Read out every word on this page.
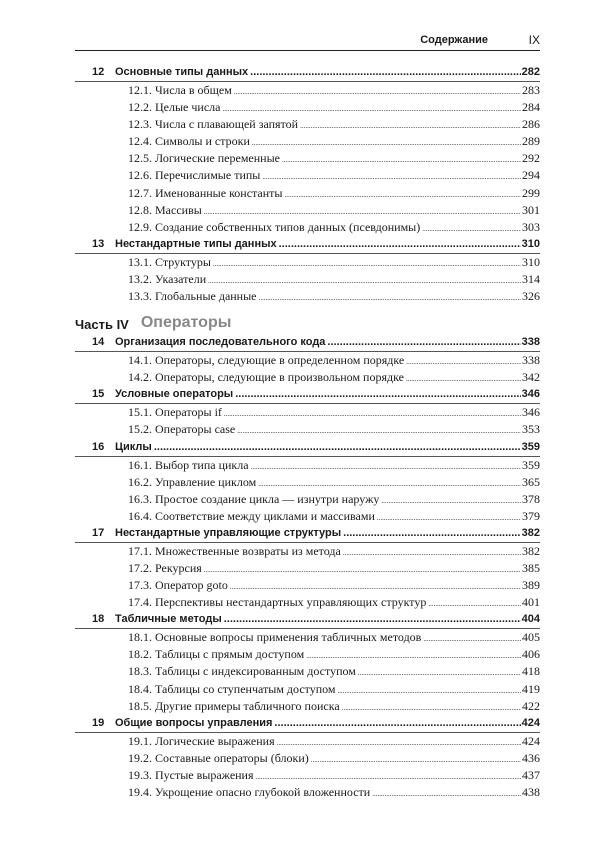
Содержание	IX
12 Основные типы данных .....	282
12.1. Числа в общем .....	283
12.2. Целые числа .....	284
12.3. Числа с плавающей запятой .....	286
12.4. Символы и строки .....	289
12.5. Логические переменные .....	292
12.6. Перечислимые типы .....	294
12.7. Именованные константы .....	299
12.8. Массивы .....	301
12.9. Создание собственных типов данных (псевдонимы) .....	303
13 Нестандартные типы данных .....	310
13.1. Структуры .....	310
13.2. Указатели .....	314
13.3. Глобальные данные .....	326
Часть IV Операторы
14 Организация последовательного кода .....	338
14.1. Операторы, следующие в определенном порядке .....	338
14.2. Операторы, следующие в произвольном порядке .....	342
15 Условные операторы .....	346
15.1. Операторы if .....	346
15.2. Операторы case .....	353
16 Циклы .....	359
16.1. Выбор типа цикла .....	359
16.2. Управление циклом .....	365
16.3. Простое создание цикла — изнутри наружу .....	378
16.4. Соответствие между циклами и массивами .....	379
17 Нестандартные управляющие структуры .....	382
17.1. Множественные возвраты из метода .....	382
17.2. Рекурсия .....	385
17.3. Оператор goto .....	389
17.4. Перспективы нестандартных управляющих структур .....	401
18 Табличные методы .....	404
18.1. Основные вопросы применения табличных методов .....	405
18.2. Таблицы с прямым доступом .....	406
18.3. Таблицы с индексированным доступом .....	418
18.4. Таблицы со ступенчатым доступом .....	419
18.5. Другие примеры табличного поиска .....	422
19 Общие вопросы управления .....	424
19.1. Логические выражения .....	424
19.2. Составные операторы (блоки) .....	436
19.3. Пустые выражения .....	437
19.4. Укрощение опасно глубокой вложенности .....	438
